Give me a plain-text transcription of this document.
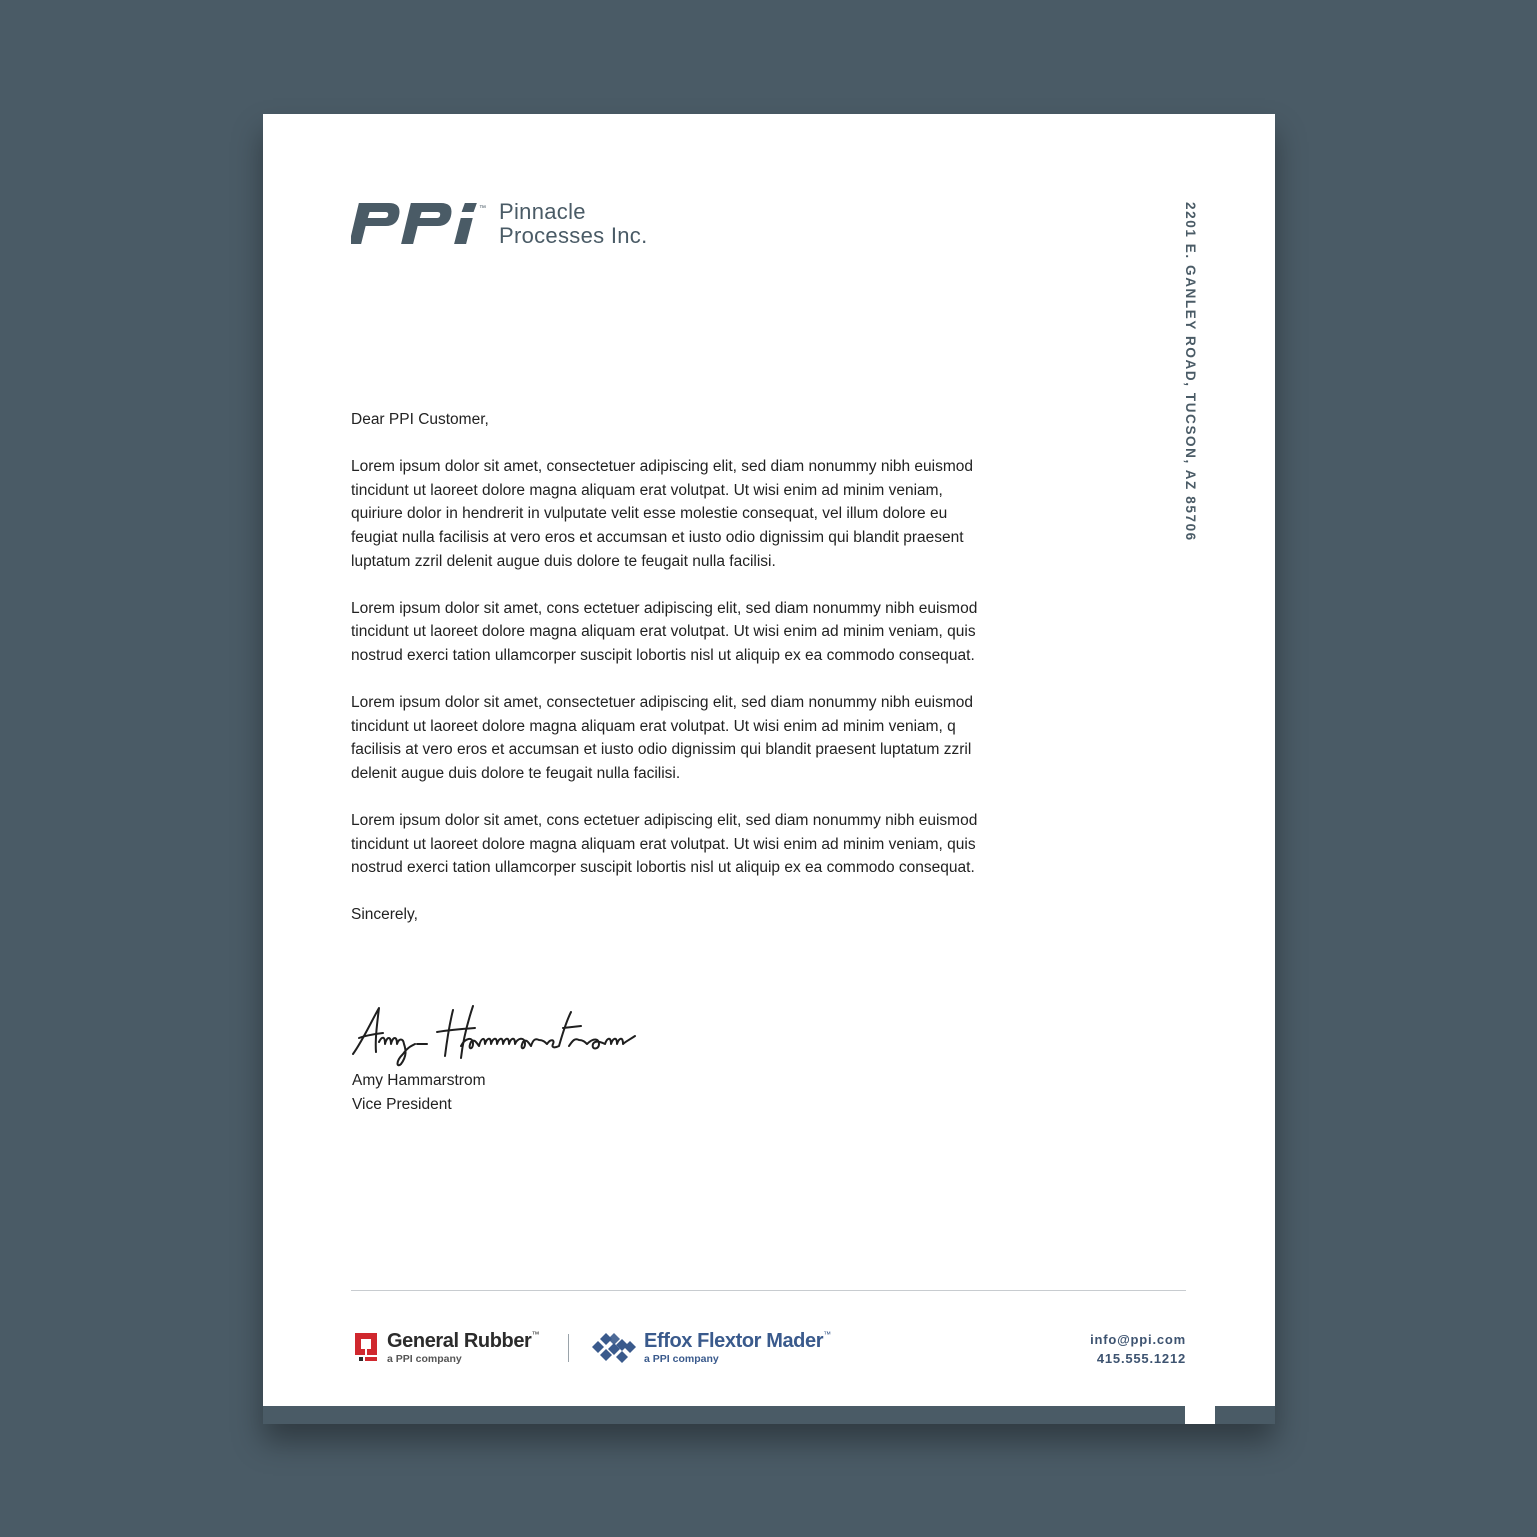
™ Pinnacle
Processes Inc.	2201 E. GANLEY ROAD, TUCSON, AZ 85706

Dear PPI Customer,

Lorem ipsum dolor sit amet, consectetuer adipiscing elit, sed diam nonummy nibh euismod tincidunt ut laoreet dolore magna aliquam erat volutpat. Ut wisi enim ad minim veniam, quiriure dolor in hendrerit in vulputate velit esse molestie consequat, vel illum dolore eu feugiat nulla facilisis at vero eros et accumsan et iusto odio dignissim qui blandit praesent luptatum zzril delenit augue duis dolore te feugait nulla facilisi.

Lorem ipsum dolor sit amet, cons ectetuer adipiscing elit, sed diam nonummy nibh euismod tincidunt ut laoreet dolore magna aliquam erat volutpat. Ut wisi enim ad minim veniam, quis nostrud exerci tation ullamcorper suscipit lobortis nisl ut aliquip ex ea commodo consequat.

Lorem ipsum dolor sit amet, consectetuer adipiscing elit, sed diam nonummy nibh euismod tincidunt ut laoreet dolore magna aliquam erat volutpat. Ut wisi enim ad minim veniam, q facilisis at vero eros et accumsan et iusto odio dignissim qui blandit praesent luptatum zzril delenit augue duis dolore te feugait nulla facilisi.

Lorem ipsum dolor sit amet, cons ectetuer adipiscing elit, sed diam nonummy nibh euismod tincidunt ut laoreet dolore magna aliquam erat volutpat. Ut wisi enim ad minim veniam, quis nostrud exerci tation ullamcorper suscipit lobortis nisl ut aliquip ex ea commodo consequat.

Sincerely,

Amy Hammarstrom
Vice President
General Rubber™
a PPI company
Effox Flextor Mader™
a PPI company
info@ppi.com
415.555.1212
